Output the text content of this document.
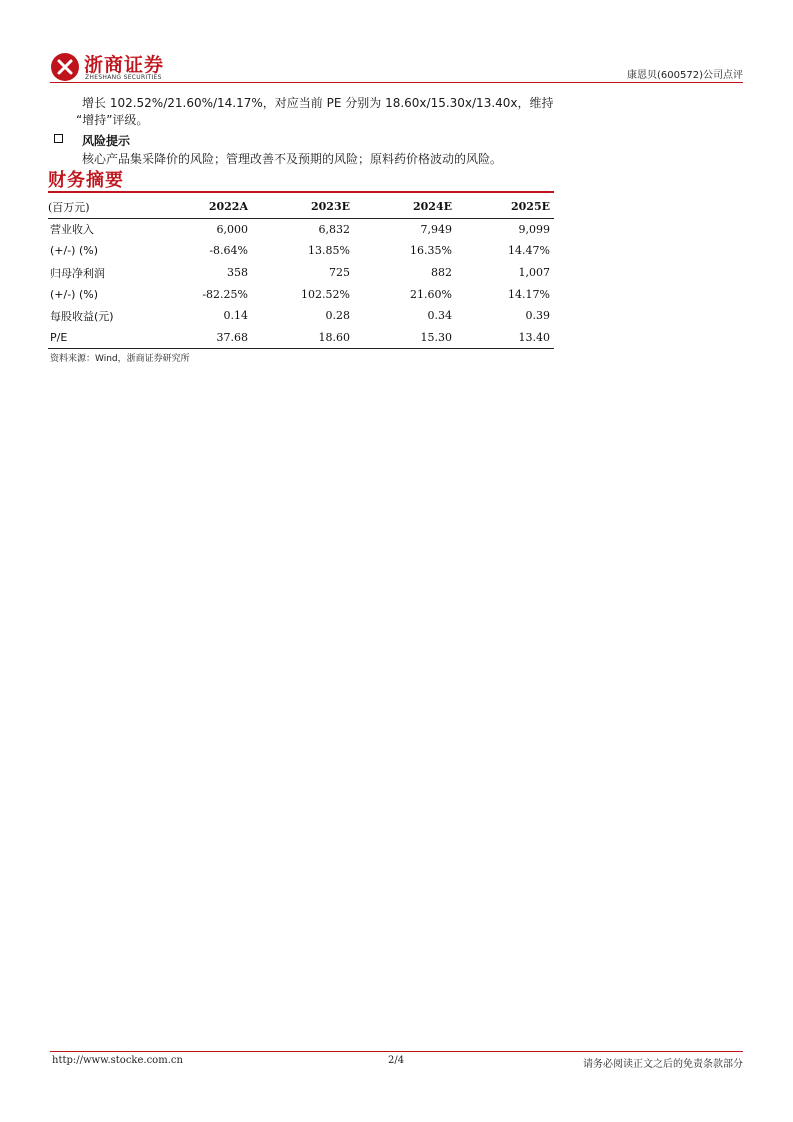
浙商证券
ZHESHANG SECURITIES	康恩贝(600572)公司点评
增长 102.52%/21.60%/14.17%，对应当前 PE 分别为 18.60x/15.30x/13.40x，维持
“增持”评级。
风险提示
核心产品集采降价的风险；管理改善不及预期的风险；原料药价格波动的风险。
财务摘要
(百万元)	2022A	2023E	2024E	2025E
营业收入	6,000	6,832	7,949	9,099
(+/-) (%)	-8.64%	13.85%	16.35%	14.47%
归母净利润	358	725	882	1,007
(+/-) (%)	-82.25%	102.52%	21.60%	14.17%
每股收益(元)	0.14	0.28	0.34	0.39
P/E	37.68	18.60	15.30	13.40
资料来源：Wind，浙商证券研究所
http://www.stocke.com.cn	2/4	请务必阅读正文之后的免责条款部分
